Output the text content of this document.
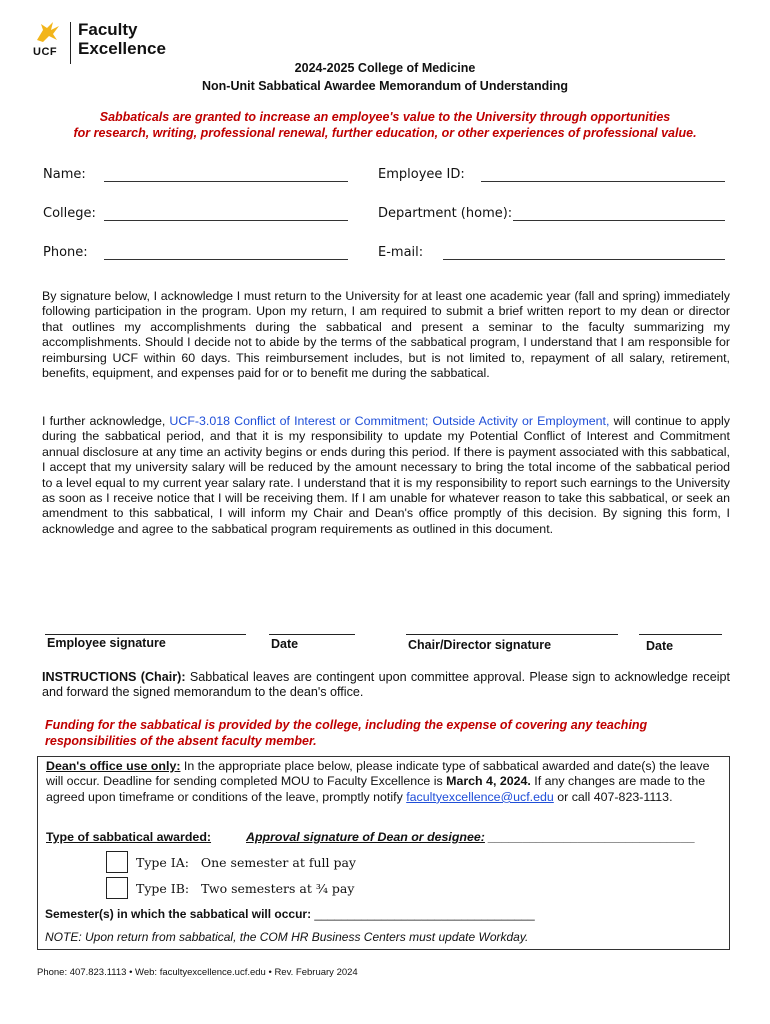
UCF
Faculty
Excellence
2024-2025 College of Medicine
Non-Unit Sabbatical Awardee Memorandum of Understanding
Sabbaticals are granted to increase an employee's value to the University through opportunities
for research, writing, professional renewal, further education, or other experiences of professional value.
Name:	Employee ID:
College:	Department (home):
Phone:	E-mail:
By signature below, I acknowledge I must return to the University for at least one academic year (fall and spring) immediately following participation in the program. Upon my return, I am required to submit a brief written report to my dean or director that outlines my accomplishments during the sabbatical and present a seminar to the faculty summarizing my accomplishments. Should I decide not to abide by the terms of the sabbatical program, I understand that I am responsible for reimbursing UCF within 60 days. This reimbursement includes, but is not limited to, repayment of all salary, retirement, benefits, equipment, and expenses paid for or to benefit me during the sabbatical.
I further acknowledge, UCF-3.018 Conflict of Interest or Commitment; Outside Activity or Employment, will continue to apply during the sabbatical period, and that it is my responsibility to update my Potential Conflict of Interest and Commitment annual disclosure at any time an activity begins or ends during this period. If there is payment associated with this sabbatical, I accept that my university salary will be reduced by the amount necessary to bring the total income of the sabbatical period to a level equal to my current year salary rate. I understand that it is my responsibility to report such earnings to the University as soon as I receive notice that I will be receiving them. If I am unable for whatever reason to take this sabbatical, or seek an amendment to this sabbatical, I will inform my Chair and Dean's office promptly of this decision. By signing this form, I acknowledge and agree to the sabbatical program requirements as outlined in this document.
Employee signature	Date	Chair/Director signature	Date
INSTRUCTIONS (Chair): Sabbatical leaves are contingent upon committee approval. Please sign to acknowledge receipt and forward the signed memorandum to the dean's office.
Funding for the sabbatical is provided by the college, including the expense of covering any teaching
responsibilities of the absent faculty member.
Dean's office use only: In the appropriate place below, please indicate type of sabbatical awarded and date(s) the leave will occur. Deadline for sending completed MOU to Faculty Excellence is March 4, 2024. If any changes are made to the agreed upon timeframe or conditions of the leave, promptly notify facultyexcellence@ucf.edu or call 407-823-1113.
Type of sabbatical awarded:	Approval signature of Dean or designee: ______________________________
Type IA:   One semester at full pay
Type IB:   Two semesters at ¾ pay
Semester(s) in which the sabbatical will occur: _________________________________
NOTE: Upon return from sabbatical, the COM HR Business Centers must update Workday.
Phone: 407.823.1113 • Web: facultyexcellence.ucf.edu • Rev. February 2024
